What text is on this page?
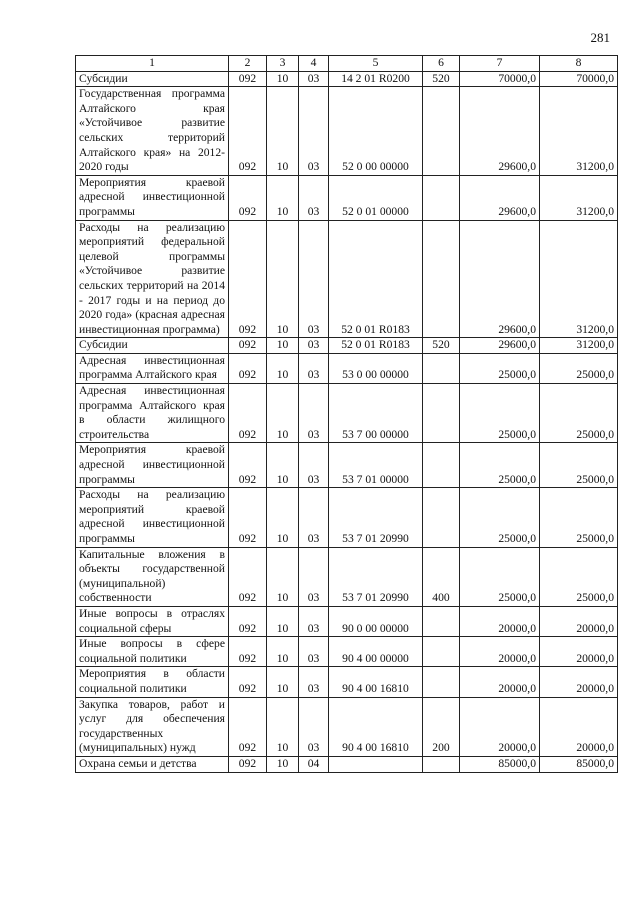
281
1	2	3	4	5	6	7	8
Субсидии	092	10	03	14 2 01 R0200	520	70000,0	70000,0
Государственная программа Алтайского края «Устойчивое развитие сельских территорий Алтайского края» на 2012-2020 годы	092	10	03	52 0 00 00000		29600,0	31200,0
Мероприятия краевой адресной инвестиционной программы	092	10	03	52 0 01 00000		29600,0	31200,0
Расходы на реализацию мероприятий федеральной целевой программы «Устойчивое развитие сельских территорий на 2014 - 2017 годы и на период до 2020 года» (красная адресная инвестиционная программа)	092	10	03	52 0 01 R0183		29600,0	31200,0
Субсидии	092	10	03	52 0 01 R0183	520	29600,0	31200,0
Адресная инвестиционная программа Алтайского края	092	10	03	53 0 00 00000		25000,0	25000,0
Адресная инвестиционная программа Алтайского края в области жилищного строительства	092	10	03	53 7 00 00000		25000,0	25000,0
Мероприятия краевой адресной инвестиционной программы	092	10	03	53 7 01 00000		25000,0	25000,0
Расходы на реализацию мероприятий краевой адресной инвестиционной программы	092	10	03	53 7 01 20990		25000,0	25000,0
Капитальные вложения в объекты государственной (муниципальной) собственности	092	10	03	53 7 01 20990	400	25000,0	25000,0
Иные вопросы в отраслях социальной сферы	092	10	03	90 0 00 00000		20000,0	20000,0
Иные вопросы в сфере социальной политики	092	10	03	90 4 00 00000		20000,0	20000,0
Мероприятия в области социальной политики	092	10	03	90 4 00 16810		20000,0	20000,0
Закупка товаров, работ и услуг для обеспечения государственных (муниципальных) нужд	092	10	03	90 4 00 16810	200	20000,0	20000,0
Охрана семьи и детства	092	10	04			85000,0	85000,0
